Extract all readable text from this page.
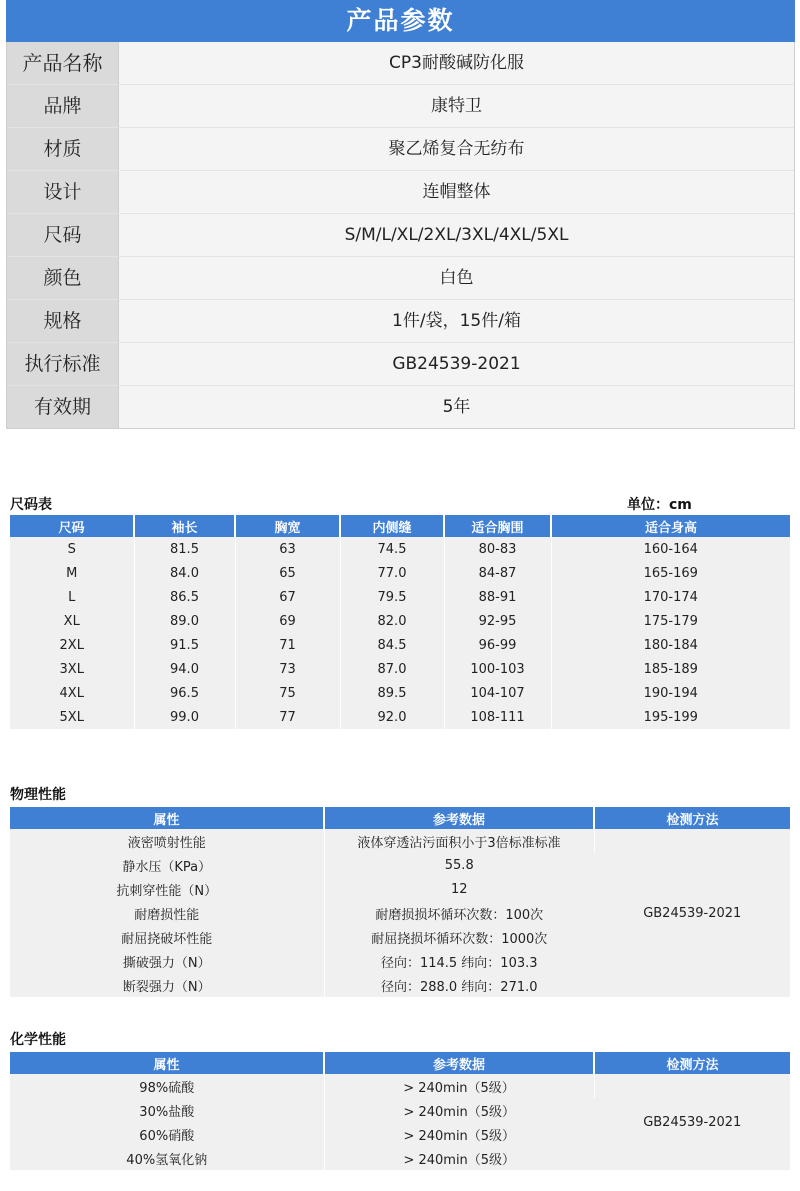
产品参数
产品名称	CP3耐酸碱防化服
品牌	康特卫
材质	聚乙烯复合无纺布
设计	连帽整体
尺码	S/M/L/XL/2XL/3XL/4XL/5XL
颜色	白色
规格	1件/袋，15件/箱
执行标准	GB24539-2021
有效期	5年
尺码表	单位：cm
尺码	袖长	胸宽	内侧缝	适合胸围	适合身高
S	81.5	63	74.5	80-83	160-164
M	84.0	65	77.0	84-87	165-169
L	86.5	67	79.5	88-91	170-174
XL	89.0	69	82.0	92-95	175-179
2XL	91.5	71	84.5	96-99	180-184
3XL	94.0	73	87.0	100-103	185-189
4XL	96.5	75	89.5	104-107	190-194
5XL	99.0	77	92.0	108-111	195-199
物理性能
属性	参考数据	检测方法
液密喷射性能	液体穿透沾污面积小于3倍标准标准	GB24539-2021
静水压（KPa）	55.8	
抗刺穿性能（N）	12	
耐磨损性能	耐磨损损坏循环次数：100次	
耐屈挠破坏性能	耐屈挠损坏循环次数：1000次	
撕破强力（N）	径向：114.5 纬向：103.3	
断裂强力（N）	径向：288.0 纬向：271.0	
化学性能
属性	参考数据	检测方法
98%硫酸	> 240min（5级）	GB24539-2021
30%盐酸	> 240min（5级）	
60%硝酸	> 240min（5级）	
40%氢氧化钠	> 240min（5级）	
